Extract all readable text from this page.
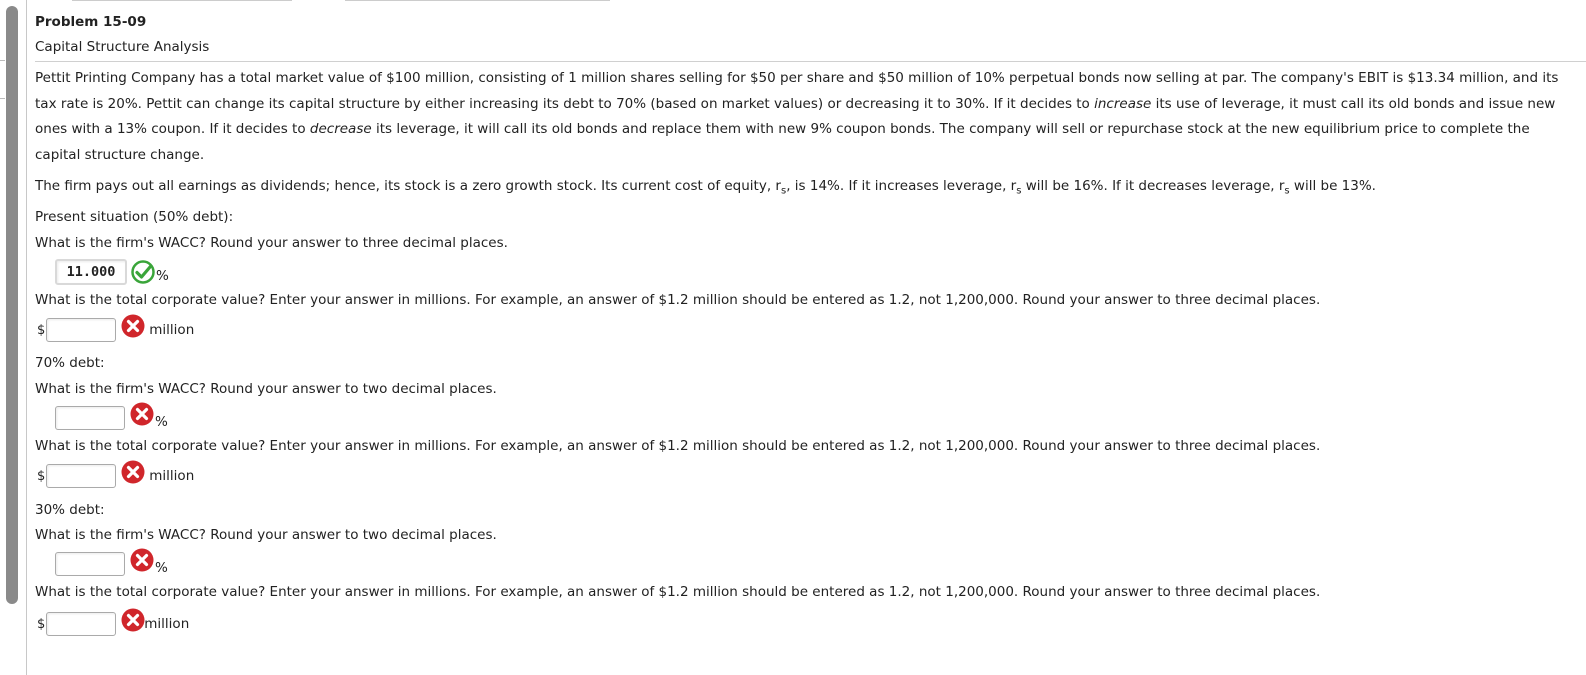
Problem 15-09
Capital Structure Analysis
Pettit Printing Company has a total market value of $100 million, consisting of 1 million shares selling for $50 per share and $50 million of 10% perpetual bonds now selling at par. The company's EBIT is $13.34 million, and its tax rate is 20%. Pettit can change its capital structure by either increasing its debt to 70% (based on market values) or decreasing it to 30%. If it decides to increase its use of leverage, it must call its old bonds and issue new ones with a 13% coupon. If it decides to decrease its leverage, it will call its old bonds and replace them with new 9% coupon bonds. The company will sell or repurchase stock at the new equilibrium price to complete the capital structure change.
The firm pays out all earnings as dividends; hence, its stock is a zero growth stock. Its current cost of equity, $r_s$, is 14%. If it increases leverage, $r_s$ will be 16%. If it decreases leverage, $r_s$ will be 13%.
Present situation (50% debt):
What is the firm's WACC? Round your answer to three decimal places.
11.000	%
What is the total corporate value? Enter your answer in millions. For example, an answer of $1.2 million should be entered as 1.2, not 1,200,000. Round your answer to three decimal places.
$	million
70% debt:
What is the firm's WACC? Round your answer to two decimal places.
%
What is the total corporate value? Enter your answer in millions. For example, an answer of $1.2 million should be entered as 1.2, not 1,200,000. Round your answer to three decimal places.
$	million
30% debt:
What is the firm's WACC? Round your answer to two decimal places.
%
What is the total corporate value? Enter your answer in millions. For example, an answer of $1.2 million should be entered as 1.2, not 1,200,000. Round your answer to three decimal places.
$	million
